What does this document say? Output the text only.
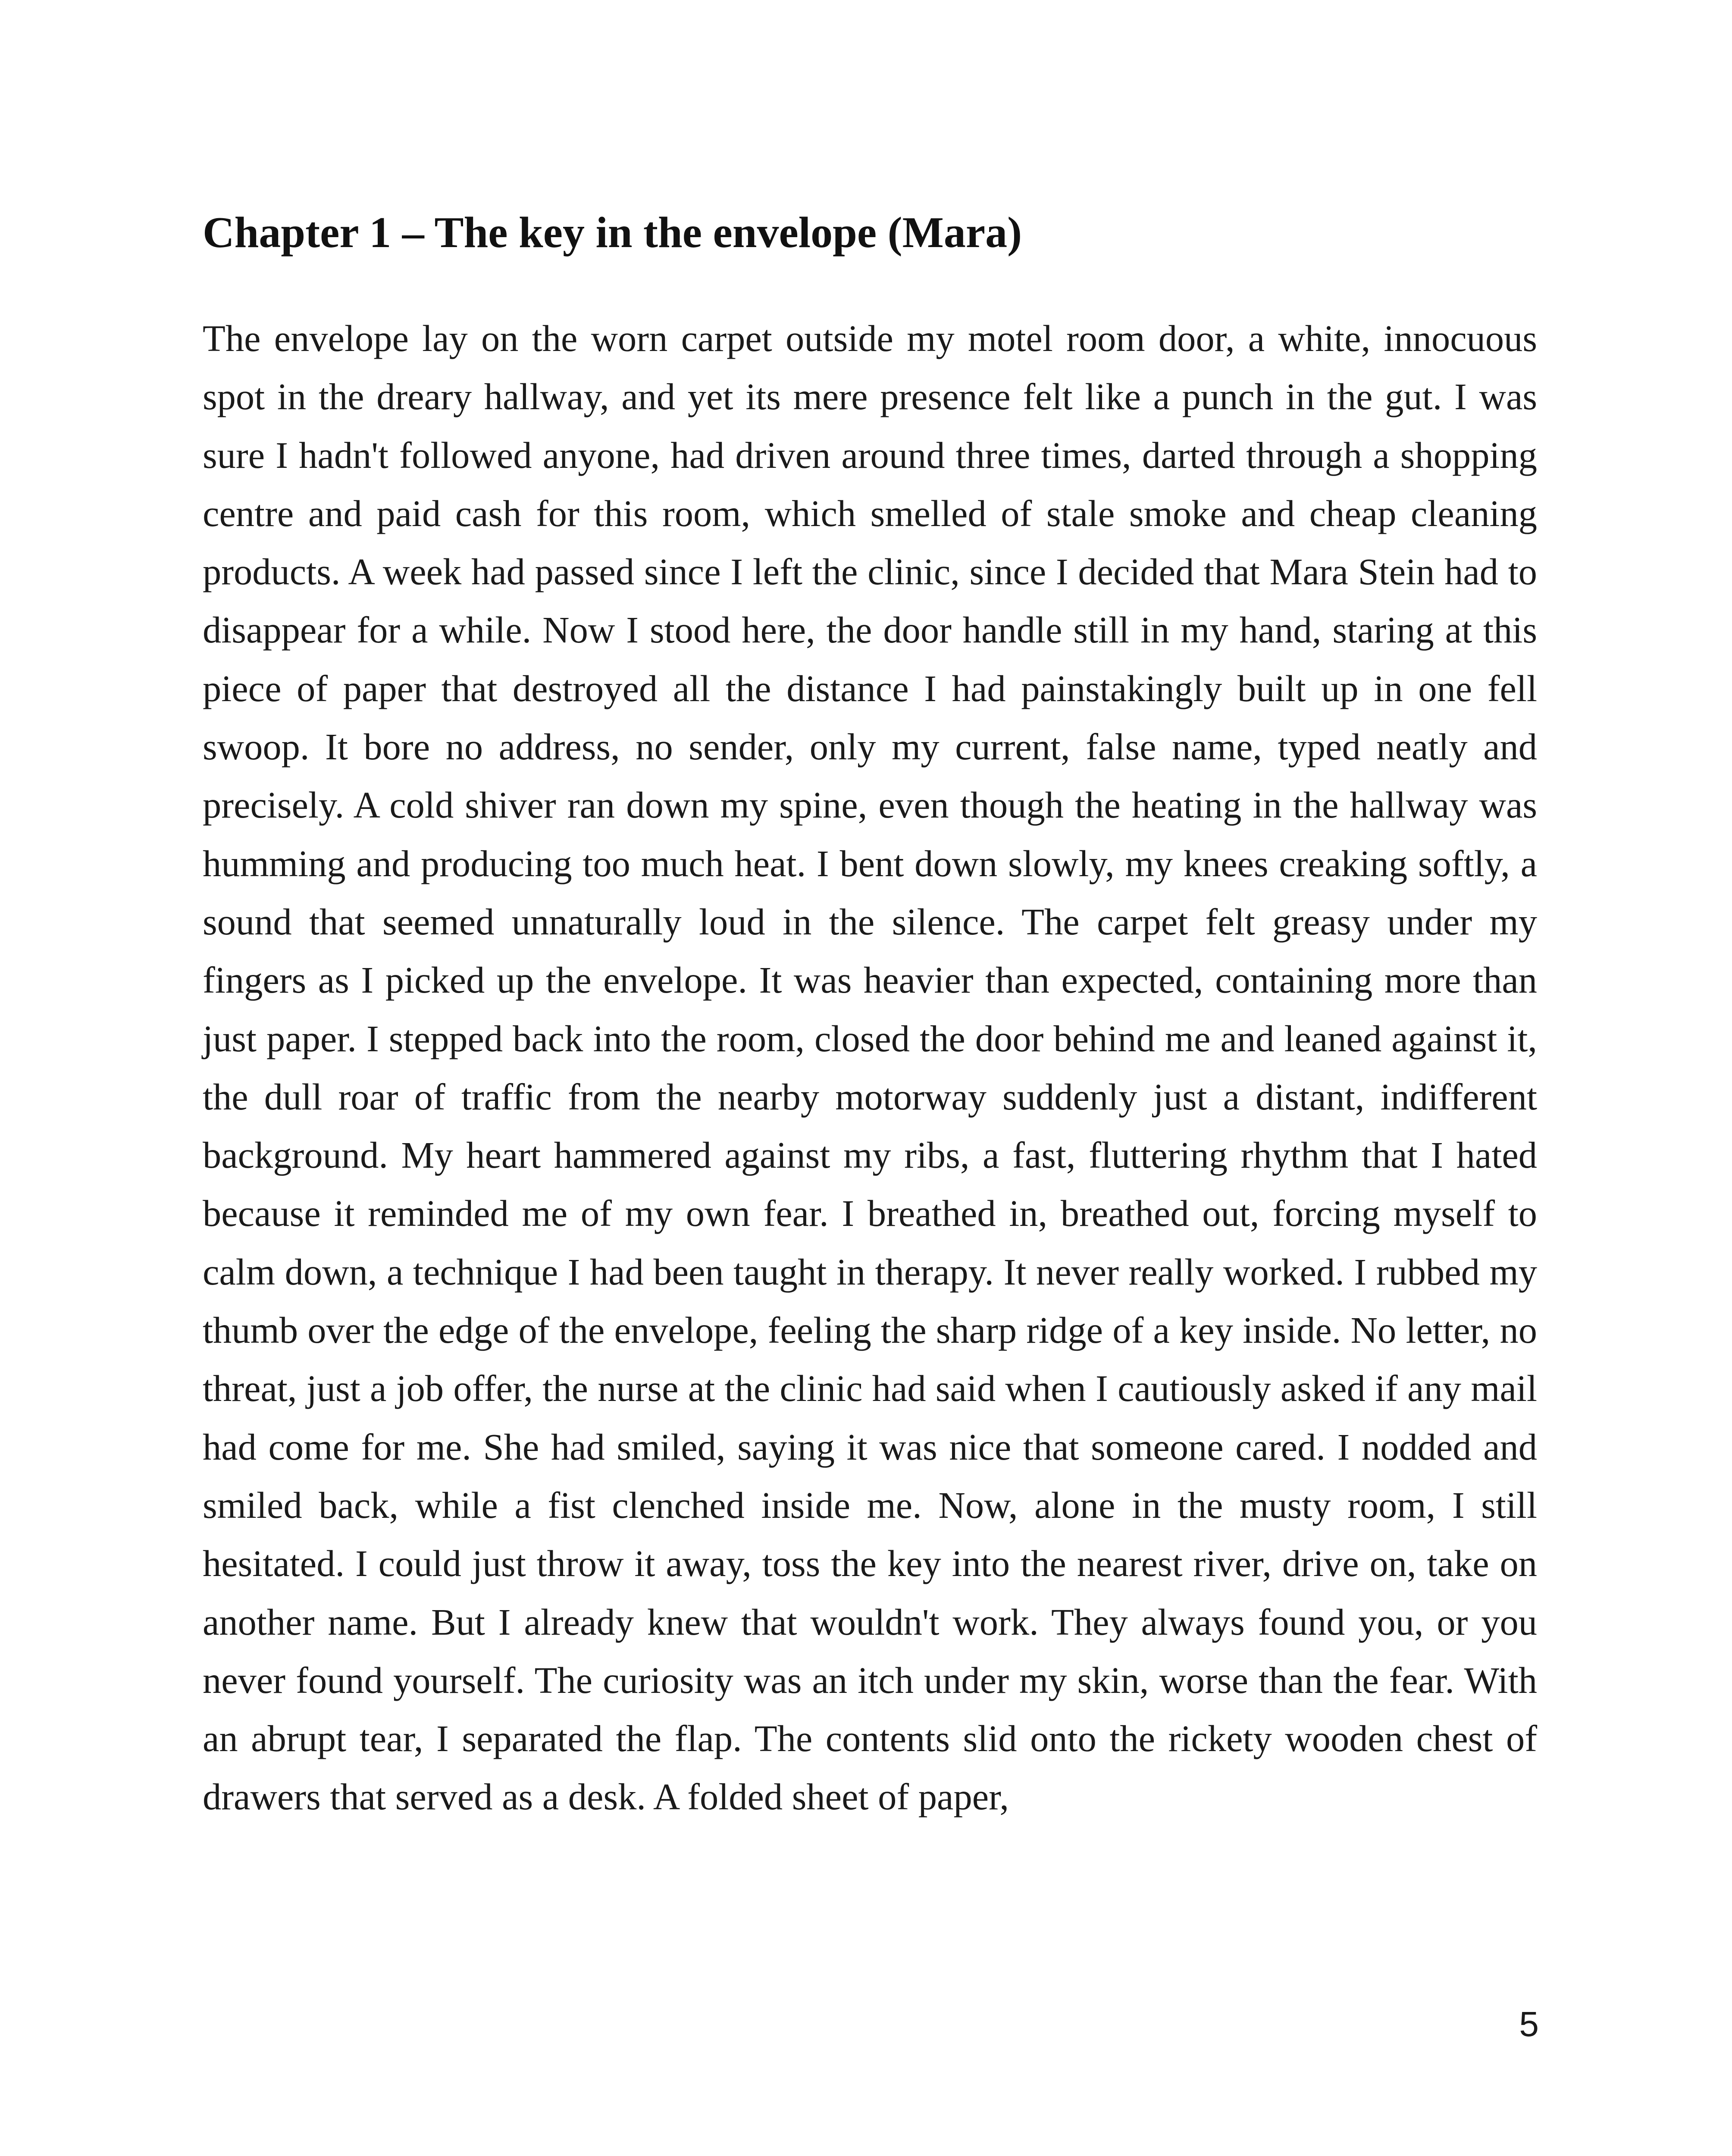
Chapter 1 – The key in the envelope (Mara)

The envelope lay on the worn carpet outside my motel room door, a white, innocuous spot in the dreary hallway, and yet its mere presence felt like a punch in the gut. I was sure I hadn't followed anyone, had driven around three times, darted through a shopping centre and paid cash for this room, which smelled of stale smoke and cheap cleaning products. A week had passed since I left the clinic, since I decided that Mara Stein had to disappear for a while. Now I stood here, the door handle still in my hand, staring at this piece of paper that destroyed all the distance I had painstakingly built up in one fell swoop. It bore no address, no sender, only my current, false name, typed neatly and precisely. A cold shiver ran down my spine, even though the heating in the hallway was humming and producing too much heat. I bent down slowly, my knees creaking softly, a sound that seemed unnaturally loud in the silence. The carpet felt greasy under my fingers as I picked up the envelope. It was heavier than expected, containing more than just paper. I stepped back into the room, closed the door behind me and leaned against it, the dull roar of traffic from the nearby motorway suddenly just a distant, indifferent background. My heart hammered against my ribs, a fast, fluttering rhythm that I hated because it reminded me of my own fear. I breathed in, breathed out, forcing myself to calm down, a technique I had been taught in therapy. It never really worked. I rubbed my thumb over the edge of the envelope, feeling the sharp ridge of a key inside. No letter, no threat, just a job offer, the nurse at the clinic had said when I cautiously asked if any mail had come for me. She had smiled, saying it was nice that someone cared. I nodded and smiled back, while a fist clenched inside me. Now, alone in the musty room, I still hesitated. I could just throw it away, toss the key into the nearest river, drive on, take on another name. But I already knew that wouldn't work. They always found you, or you never found yourself. The curiosity was an itch under my skin, worse than the fear. With an abrupt tear, I separated the flap. The contents slid onto the rickety wooden chest of drawers that served as a desk. A folded sheet of paper,

5
